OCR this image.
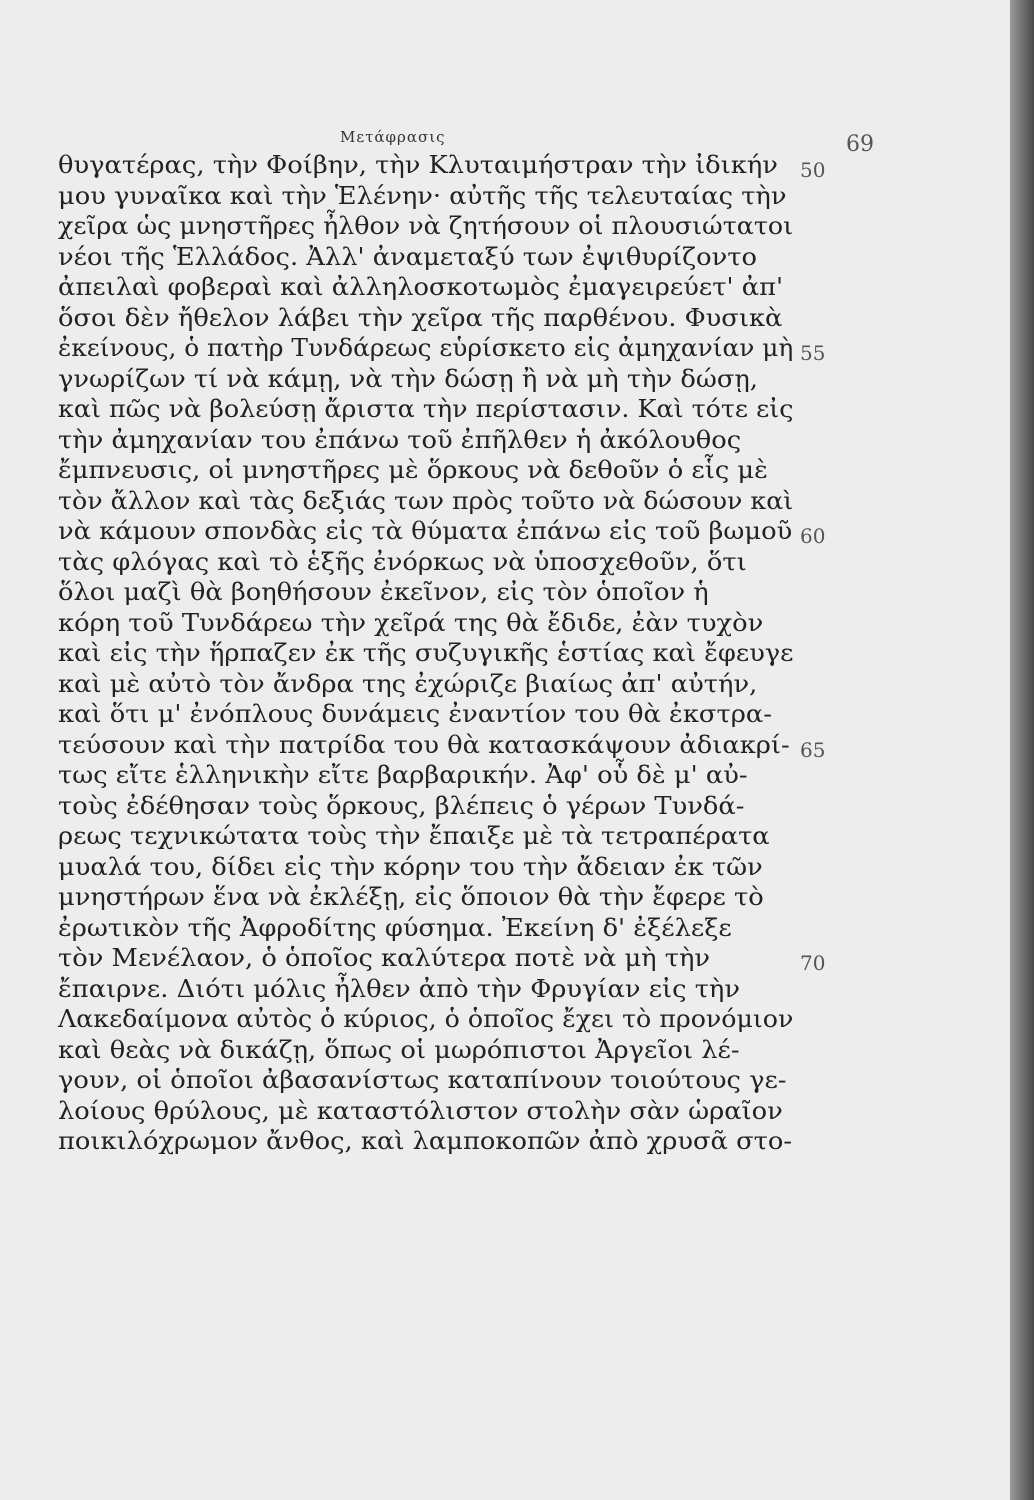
Μετάφρασις	69
θυγατέρας, τὴν Φοίβην, τὴν Κλυταιμήστραν τὴν ἰδικήν
μου γυναῖκα καὶ τὴν Ἑλένην· αὐτῆς τῆς τελευταίας τὴν
χεῖρα ὡς μνηστῆρες ἦλθον νὰ ζητήσουν οἱ πλουσιώτατοι
νέοι τῆς Ἑλλάδος. Ἀλλ' ἀναμεταξύ των ἐψιθυρίζοντο
ἀπειλαὶ φοβεραὶ καὶ ἀλληλοσκοτωμὸς ἐμαγειρεύετ' ἀπ'
ὅσοι δὲν ἤθελον λάβει τὴν χεῖρα τῆς παρθένου. Φυσικὰ
ἐκείνους, ὁ πατὴρ Τυνδάρεως εὑρίσκετο εἰς ἀμηχανίαν μὴ
γνωρίζων τί νὰ κάμῃ, νὰ τὴν δώσῃ ἢ νὰ μὴ τὴν δώσῃ,
καὶ πῶς νὰ βολεύσῃ ἄριστα τὴν περίστασιν. Καὶ τότε εἰς
τὴν ἀμηχανίαν του ἐπάνω τοῦ ἐπῆλθεν ἡ ἀκόλουθος
ἔμπνευσις, οἱ μνηστῆρες μὲ ὅρκους νὰ δεθοῦν ὁ εἷς μὲ
τὸν ἄλλον καὶ τὰς δεξιάς των πρὸς τοῦτο νὰ δώσουν καὶ
νὰ κάμουν σπονδὰς εἰς τὰ θύματα ἐπάνω εἰς τοῦ βωμοῦ
τὰς φλόγας καὶ τὸ ἑξῆς ἐνόρκως νὰ ὑποσχεθοῦν, ὅτι
ὅλοι μαζὶ θὰ βοηθήσουν ἐκεῖνον, εἰς τὸν ὁποῖον ἡ
κόρη τοῦ Τυνδάρεω τὴν χεῖρά της θὰ ἔδιδε, ἐὰν τυχὸν
καὶ εἰς τὴν ἥρπαζεν ἐκ τῆς συζυγικῆς ἑστίας καὶ ἔφευγε
καὶ μὲ αὐτὸ τὸν ἄνδρα της ἐχώριζε βιαίως ἀπ' αὐτήν,
καὶ ὅτι μ' ἐνόπλους δυνάμεις ἐναντίον του θὰ ἐκστρα-
τεύσουν καὶ τὴν πατρίδα του θὰ κατασκάψουν ἀδιακρί-
τως εἴτε ἑλληνικὴν εἴτε βαρβαρικήν. Ἀφ' οὗ δὲ μ' αὐ-
τοὺς ἐδέθησαν τοὺς ὅρκους, βλέπεις ὁ γέρων Τυνδά-
ρεως τεχνικώτατα τοὺς τὴν ἔπαιξε μὲ τὰ τετραπέρατα
μυαλά του, δίδει εἰς τὴν κόρην του τὴν ἄδειαν ἐκ τῶν
μνηστήρων ἕνα νὰ ἐκλέξῃ, εἰς ὅποιον θὰ τὴν ἔφερε τὸ
ἐρωτικὸν τῆς Ἀφροδίτης φύσημα. Ἐκείνη δ' ἐξέλεξε
τὸν Μενέλαον, ὁ ὁποῖος καλύτερα ποτὲ νὰ μὴ τὴν
ἔπαιρνε. Διότι μόλις ἦλθεν ἀπὸ τὴν Φρυγίαν εἰς τὴν
Λακεδαίμονα αὐτὸς ὁ κύριος, ὁ ὁποῖος ἔχει τὸ προνόμιον
καὶ θεὰς νὰ δικάζῃ, ὅπως οἱ μωρόπιστοι Ἀργεῖοι λέ-
γουν, οἱ ὁποῖοι ἀβασανίστως καταπίνουν τοιούτους γε-
λοίους θρύλους, μὲ καταστόλιστον στολὴν σὰν ὡραῖον
ποικιλόχρωμον ἄνθος, καὶ λαμποκοπῶν ἀπὸ χρυσᾶ στο-
50
55
60
65
70
